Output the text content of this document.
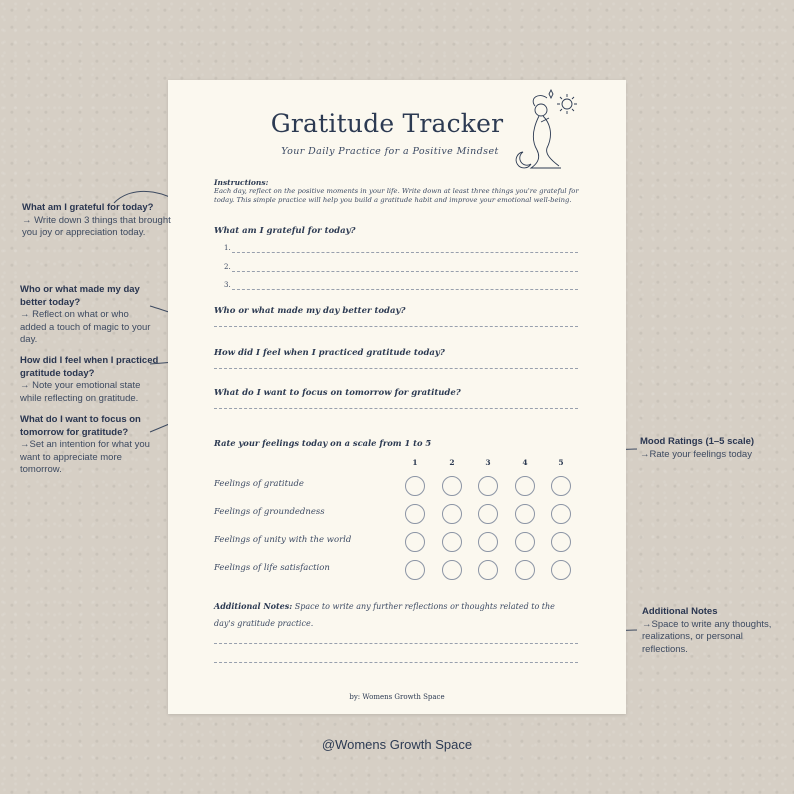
Gratitude Tracker
Your Daily Practice for a Positive Mindset
Instructions:
Each day, reflect on the positive moments in your life. Write down at least three things you're grateful for today. This simple practice will help you build a gratitude habit and improve your emotional well-being.
What am I grateful for today?
1.
2.
3.
Who or what made my day better today?
How did I feel when I practiced gratitude today?
What do I want to focus on tomorrow for gratitude?
Rate your feelings today on a scale from 1 to 5
1	2	3	4	5
Feelings of gratitude
Feelings of groundedness
Feelings of unity with the world
Feelings of life satisfaction
Additional Notes: Space to write any further reflections or thoughts related to the day's gratitude practice.
by: Womens Growth Space
What am I grateful for today?
→ Write down 3 things that brought you joy or appreciation today.
Who or what made my day better today?
→ Reflect on what or who added a touch of magic to your day.
How did I feel when I practiced gratitude today?
→ Note your emotional state while reflecting on gratitude.
What do I want to focus on tomorrow for gratitude?
→Set an intention for what you want to appreciate more tomorrow.
Mood Ratings (1–5 scale)
→Rate your feelings today
Additional Notes
→Space to write any thoughts, realizations, or personal reflections.
@Womens Growth Space
